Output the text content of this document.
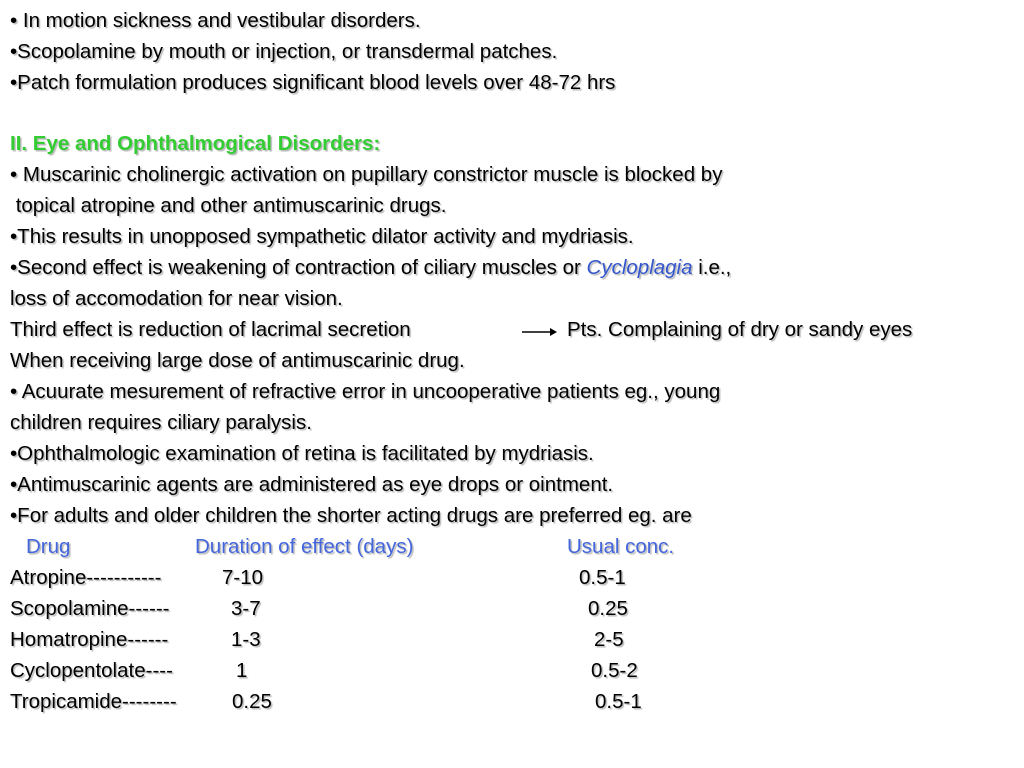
• In motion sickness and vestibular disorders.
•Scopolamine by mouth or injection, or transdermal patches.
•Patch formulation produces significant blood levels over 48-72 hrs
II. Eye and Ophthalmogical Disorders:
• Muscarinic cholinergic activation on pupillary constrictor muscle is blocked by
topical atropine and other antimuscarinic drugs.
•This results in unopposed sympathetic dilator activity and mydriasis.
•Second effect is weakening of contraction of ciliary muscles or Cycloplagia i.e.,
loss of accomodation for near vision.
Third effect is reduction of lacrimal secretion	Pts. Complaining of dry or sandy eyes
When receiving large dose of antimuscarinic drug.
• Acuurate mesurement of refractive error in uncooperative patients eg., young
children requires ciliary paralysis.
•Ophthalmologic examination of retina is facilitated by mydriasis.
•Antimuscarinic agents are administered as eye drops or ointment.
•For adults and older children the shorter acting drugs are preferred eg. are
Drug	Duration of effect (days)	Usual conc.
Atropine-----------	7-10	0.5-1
Scopolamine------	3-7	0.25
Homatropine------	1-3	2-5
Cyclopentolate----	1	0.5-2
Tropicamide--------	0.25	0.5-1
